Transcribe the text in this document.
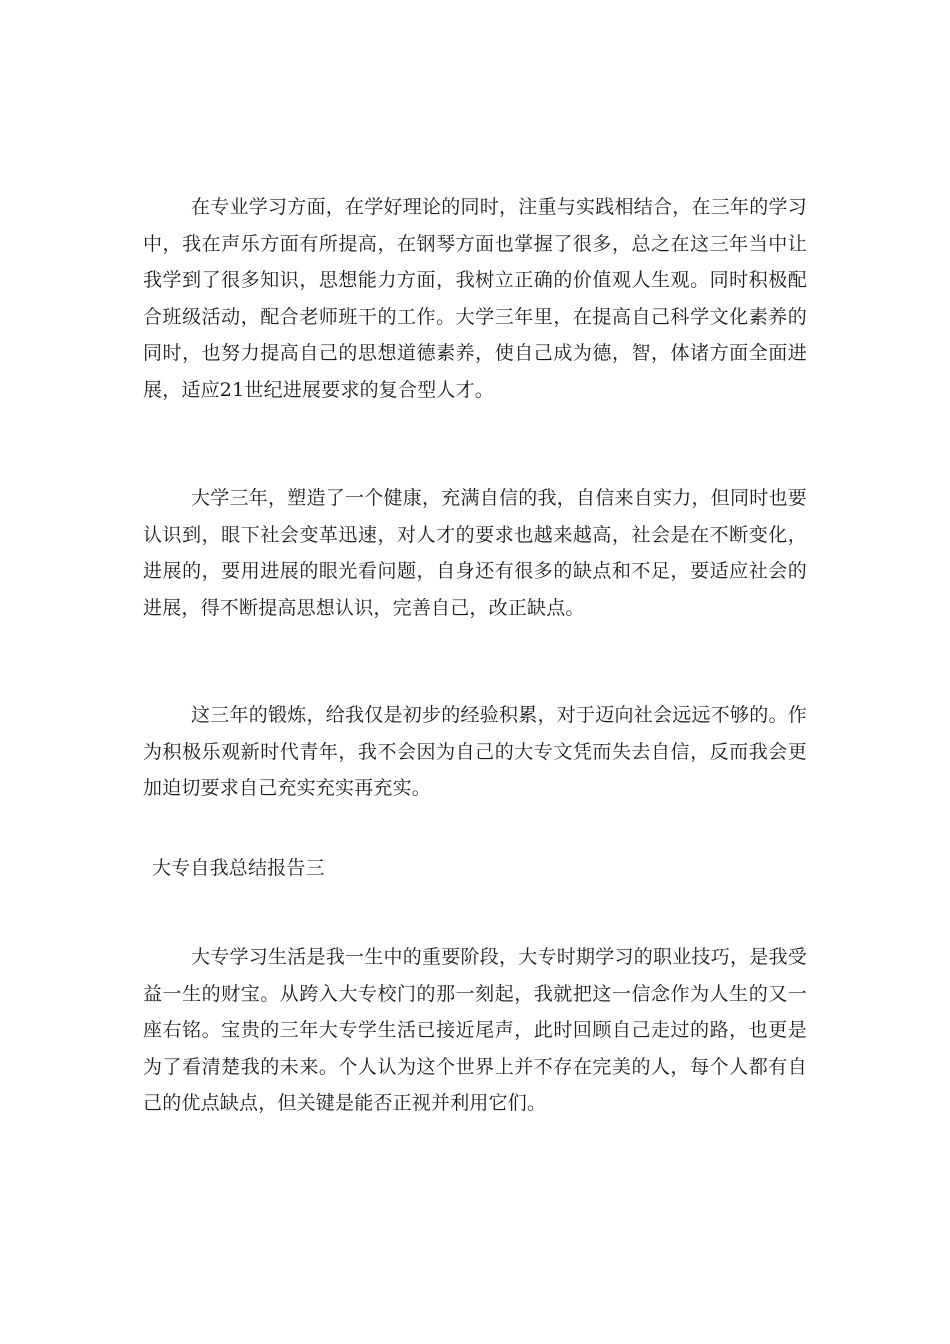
在专业学习方面，在学好理论的同时，注重与实践相结合，在三年的学习中，我在声乐方面有所提高，在钢琴方面也掌握了很多，总之在这三年当中让我学到了很多知识，思想能力方面，我树立正确的价值观人生观。同时积极配合班级活动，配合老师班干的工作。大学三年里，在提高自己科学文化素养的同时，也努力提高自己的思想道德素养，使自己成为德，智，体诸方面全面进展，适应21世纪进展要求的复合型人才。

大学三年，塑造了一个健康，充满自信的我，自信来自实力，但同时也要认识到，眼下社会变革迅速，对人才的要求也越来越高，社会是在不断变化，进展的，要用进展的眼光看问题，自身还有很多的缺点和不足，要适应社会的进展，得不断提高思想认识，完善自己，改正缺点。

这三年的锻炼，给我仅是初步的经验积累，对于迈向社会远远不够的。作为积极乐观新时代青年，我不会因为自己的大专文凭而失去自信，反而我会更加迫切要求自己充实充实再充实。

大专自我总结报告三

大专学习生活是我一生中的重要阶段，大专时期学习的职业技巧，是我受益一生的财宝。从跨入大专校门的那一刻起，我就把这一信念作为人生的又一座右铭。宝贵的三年大专学生活已接近尾声，此时回顾自己走过的路，也更是为了看清楚我的未来。个人认为这个世界上并不存在完美的人，每个人都有自己的优点缺点，但关键是能否正视并利用它们。
